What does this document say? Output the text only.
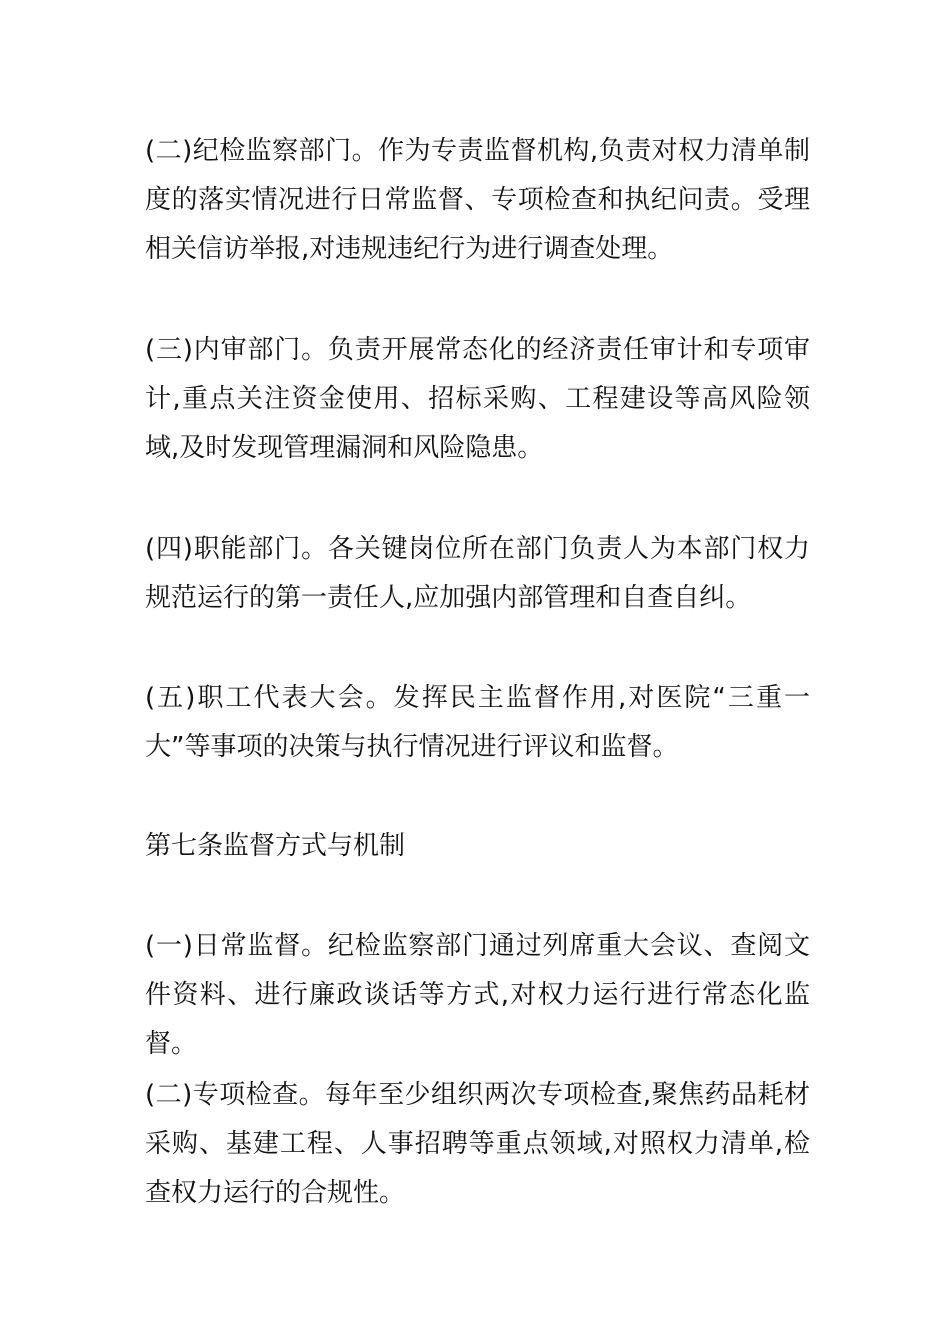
(二)纪检监察部门。作为专责监督机构,负责对权力清单制度的落实情况进行日常监督、专项检查和执纪问责。受理相关信访举报,对违规违纪行为进行调查处理。

(三)内审部门。负责开展常态化的经济责任审计和专项审计,重点关注资金使用、招标采购、工程建设等高风险领域,及时发现管理漏洞和风险隐患。

(四)职能部门。各关键岗位所在部门负责人为本部门权力规范运行的第一责任人,应加强内部管理和自查自纠。

(五)职工代表大会。发挥民主监督作用,对医院“三重一大”等事项的决策与执行情况进行评议和监督。

第七条监督方式与机制

(一)日常监督。纪检监察部门通过列席重大会议、查阅文件资料、进行廉政谈话等方式,对权力运行进行常态化监督。

(二)专项检查。每年至少组织两次专项检查,聚焦药品耗材采购、基建工程、人事招聘等重点领域,对照权力清单,检查权力运行的合规性。
